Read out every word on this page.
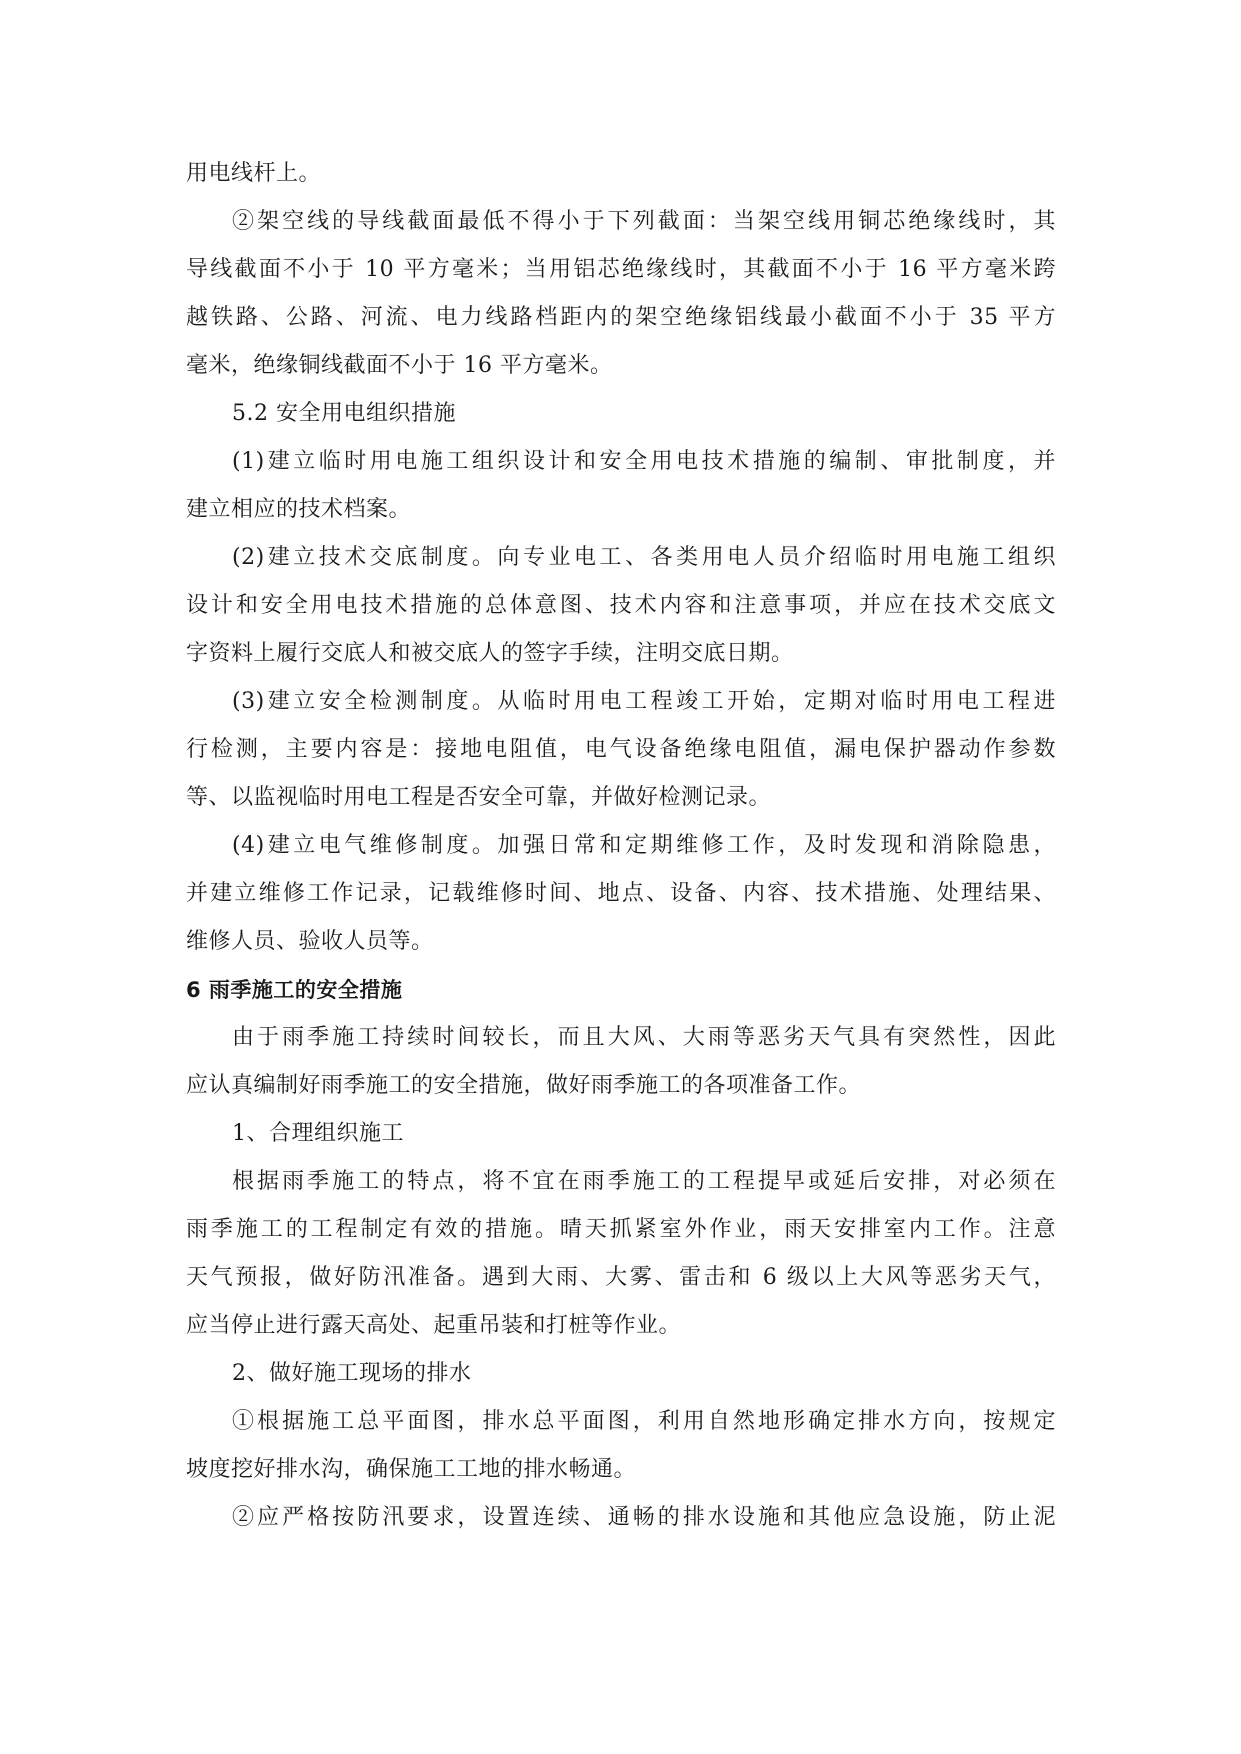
用电线杆上。
②架空线的导线截面最低不得小于下列截面：当架空线用铜芯绝缘线时，其
导线截面不小于 10 平方毫米；当用铝芯绝缘线时，其截面不小于 16 平方毫米跨
越铁路、公路、河流、电力线路档距内的架空绝缘铝线最小截面不小于 35 平方
毫米，绝缘铜线截面不小于 16 平方毫米。
5.2 安全用电组织措施
(1)建立临时用电施工组织设计和安全用电技术措施的编制、审批制度，并
建立相应的技术档案。
(2)建立技术交底制度。向专业电工、各类用电人员介绍临时用电施工组织
设计和安全用电技术措施的总体意图、技术内容和注意事项，并应在技术交底文
字资料上履行交底人和被交底人的签字手续，注明交底日期。
(3)建立安全检测制度。从临时用电工程竣工开始，定期对临时用电工程进
行检测，主要内容是：接地电阻值，电气设备绝缘电阻值，漏电保护器动作参数
等、以监视临时用电工程是否安全可靠，并做好检测记录。
(4)建立电气维修制度。加强日常和定期维修工作，及时发现和消除隐患，
并建立维修工作记录，记载维修时间、地点、设备、内容、技术措施、处理结果、
维修人员、验收人员等。
6 雨季施工的安全措施
由于雨季施工持续时间较长，而且大风、大雨等恶劣天气具有突然性，因此
应认真编制好雨季施工的安全措施，做好雨季施工的各项准备工作。
1、合理组织施工
根据雨季施工的特点，将不宜在雨季施工的工程提早或延后安排，对必须在
雨季施工的工程制定有效的措施。晴天抓紧室外作业，雨天安排室内工作。注意
天气预报，做好防汛准备。遇到大雨、大雾、雷击和 6 级以上大风等恶劣天气，
应当停止进行露天高处、起重吊装和打桩等作业。
2、做好施工现场的排水
①根据施工总平面图，排水总平面图，利用自然地形确定排水方向，按规定
坡度挖好排水沟，确保施工工地的排水畅通。
②应严格按防汛要求，设置连续、通畅的排水设施和其他应急设施，防止泥
